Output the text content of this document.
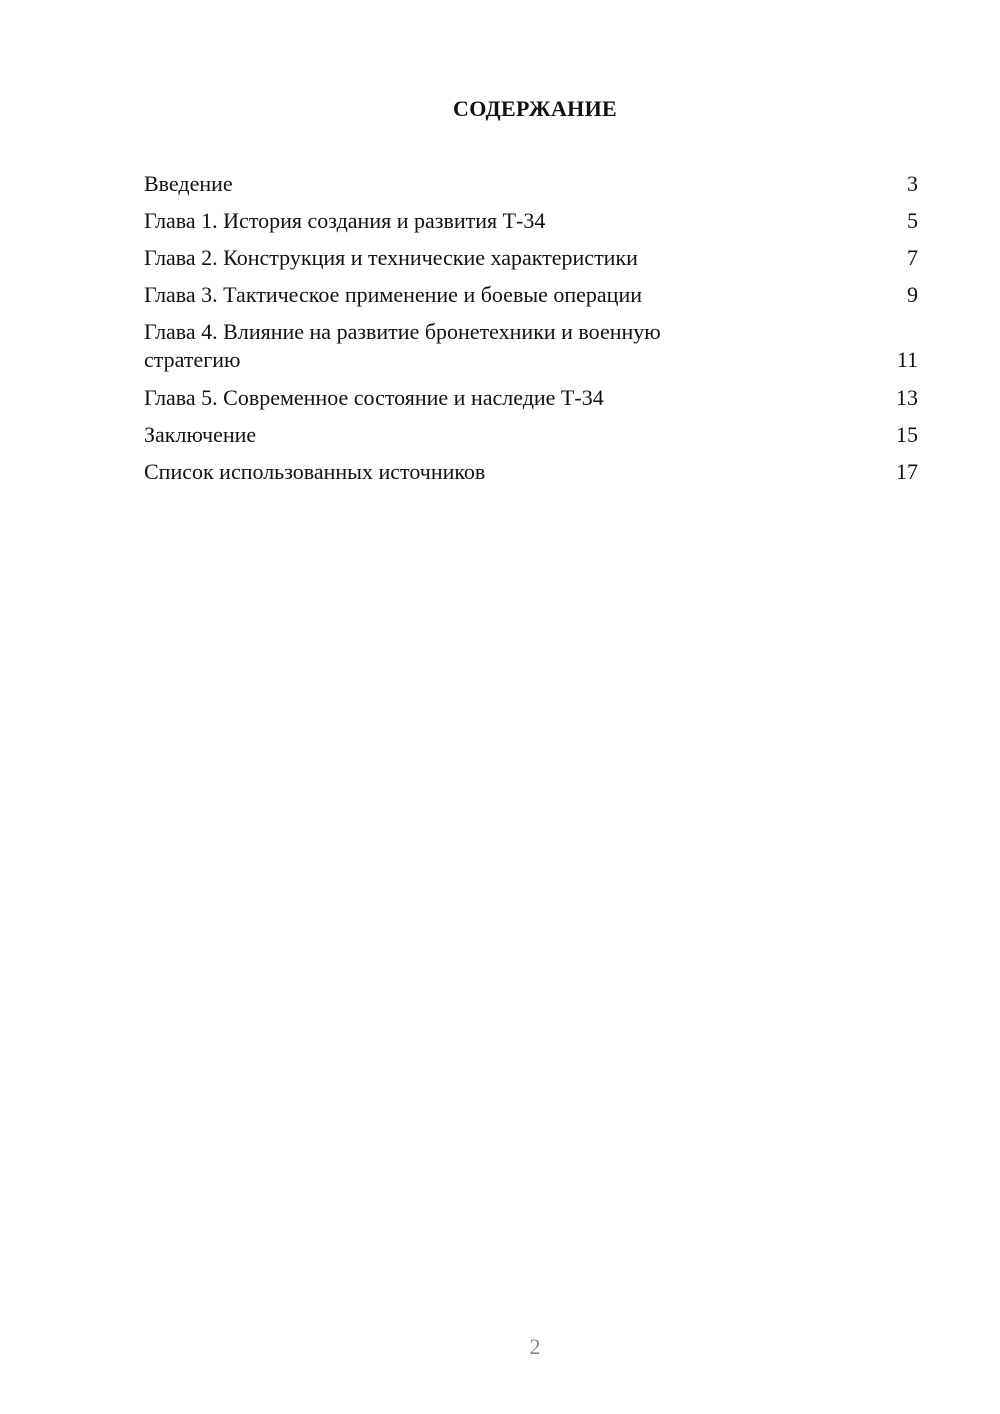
СОДЕРЖАНИЕ
Введение	3
Глава 1. История создания и развития Т-34	5
Глава 2. Конструкция и технические характеристики	7
Глава 3. Тактическое применение и боевые операции	9
Глава 4. Влияние на развитие бронетехники и военную стратегию	11
Глава 5. Современное состояние и наследие Т-34	13
Заключение	15
Список использованных источников	17
2
